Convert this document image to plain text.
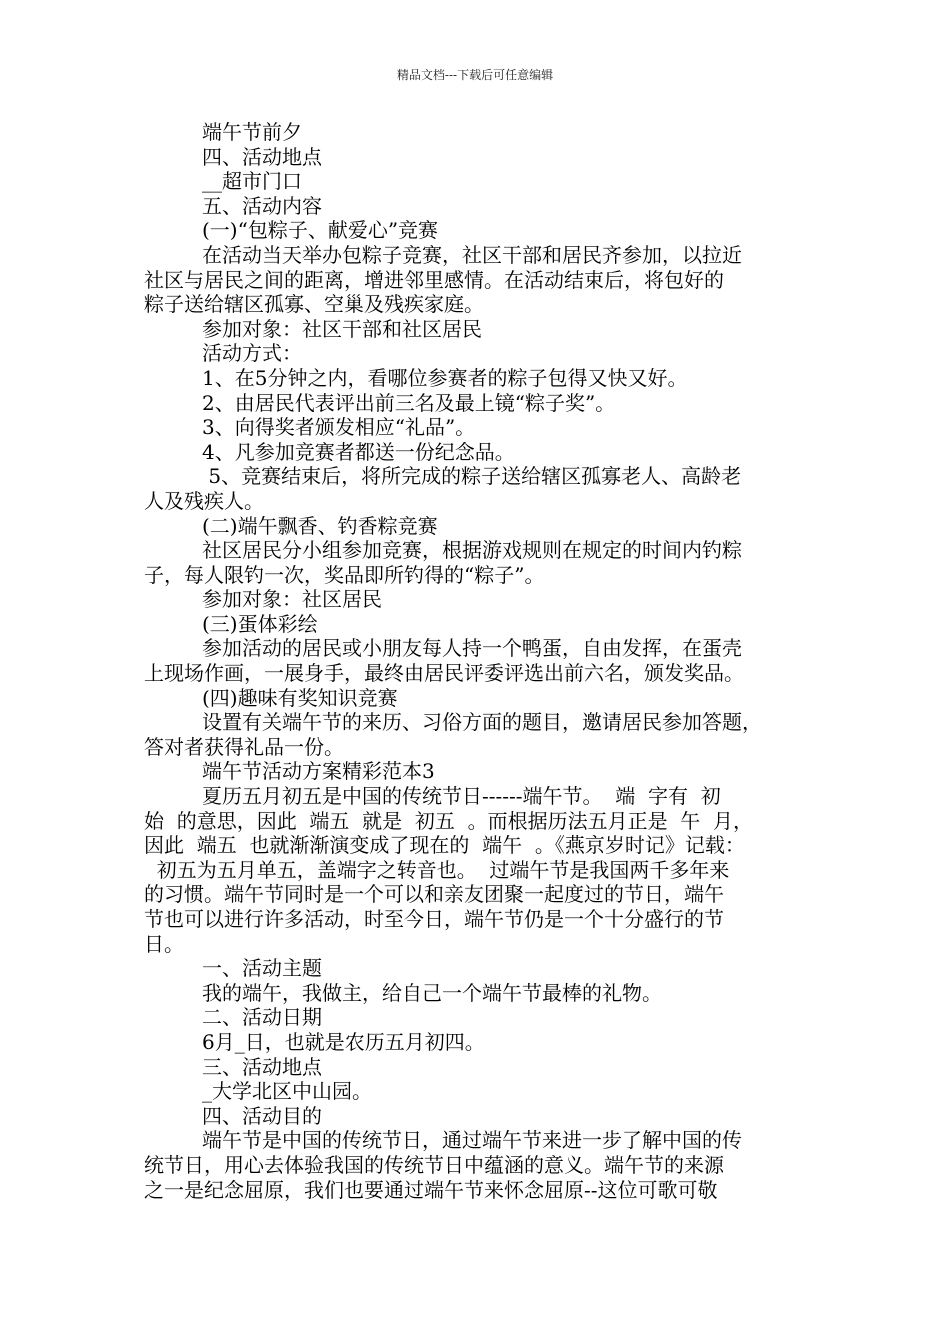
精品文档---下载后可任意编辑
端午节前夕
四、活动地点
__超市门口
五、活动内容
(一)“包粽子、献爱心”竞赛
在活动当天举办包粽子竞赛，社区干部和居民齐参加，以拉近
社区与居民之间的距离，增进邻里感情。在活动结束后，将包好的
粽子送给辖区孤寡、空巢及残疾家庭。
参加对象：社区干部和社区居民
活动方式：
1、在5分钟之内，看哪位参赛者的粽子包得又快又好。
2、由居民代表评出前三名及最上镜“粽子奖”。
3、向得奖者颁发相应“礼品”。
4、凡参加竞赛者都送一份纪念品。
5、竞赛结束后，将所完成的粽子送给辖区孤寡老人、高龄老
人及残疾人。
(二)端午飘香、钓香粽竞赛
社区居民分小组参加竞赛，根据游戏规则在规定的时间内钓粽
子，每人限钓一次，奖品即所钓得的“粽子”。
参加对象：社区居民
(三)蛋体彩绘
参加活动的居民或小朋友每人持一个鸭蛋，自由发挥，在蛋壳
上现场作画，一展身手，最终由居民评委评选出前六名，颁发奖品。
(四)趣味有奖知识竞赛
设置有关端午节的来历、习俗方面的题目，邀请居民参加答题，
答对者获得礼品一份。
端午节活动方案精彩范本3
夏历五月初五是中国的传统节日------端午节。  端  字有  初
始  的意思，因此  端五  就是  初五  。而根据历法五月正是  午  月，
因此  端五  也就渐渐演变成了现在的  端午  。《燕京岁时记》记载：
初五为五月单五，盖端字之转音也。  过端午节是我国两千多年来
的习惯。端午节同时是一个可以和亲友团聚一起度过的节日，端午
节也可以进行许多活动，时至今日，端午节仍是一个十分盛行的节
日。
一、活动主题
我的端午，我做主，给自己一个端午节最棒的礼物。
二、活动日期
6月_日，也就是农历五月初四。
三、活动地点
_大学北区中山园。
四、活动目的
端午节是中国的传统节日，通过端午节来进一步了解中国的传
统节日，用心去体验我国的传统节日中蕴涵的意义。端午节的来源
之一是纪念屈原，我们也要通过端午节来怀念屈原--这位可歌可敬
